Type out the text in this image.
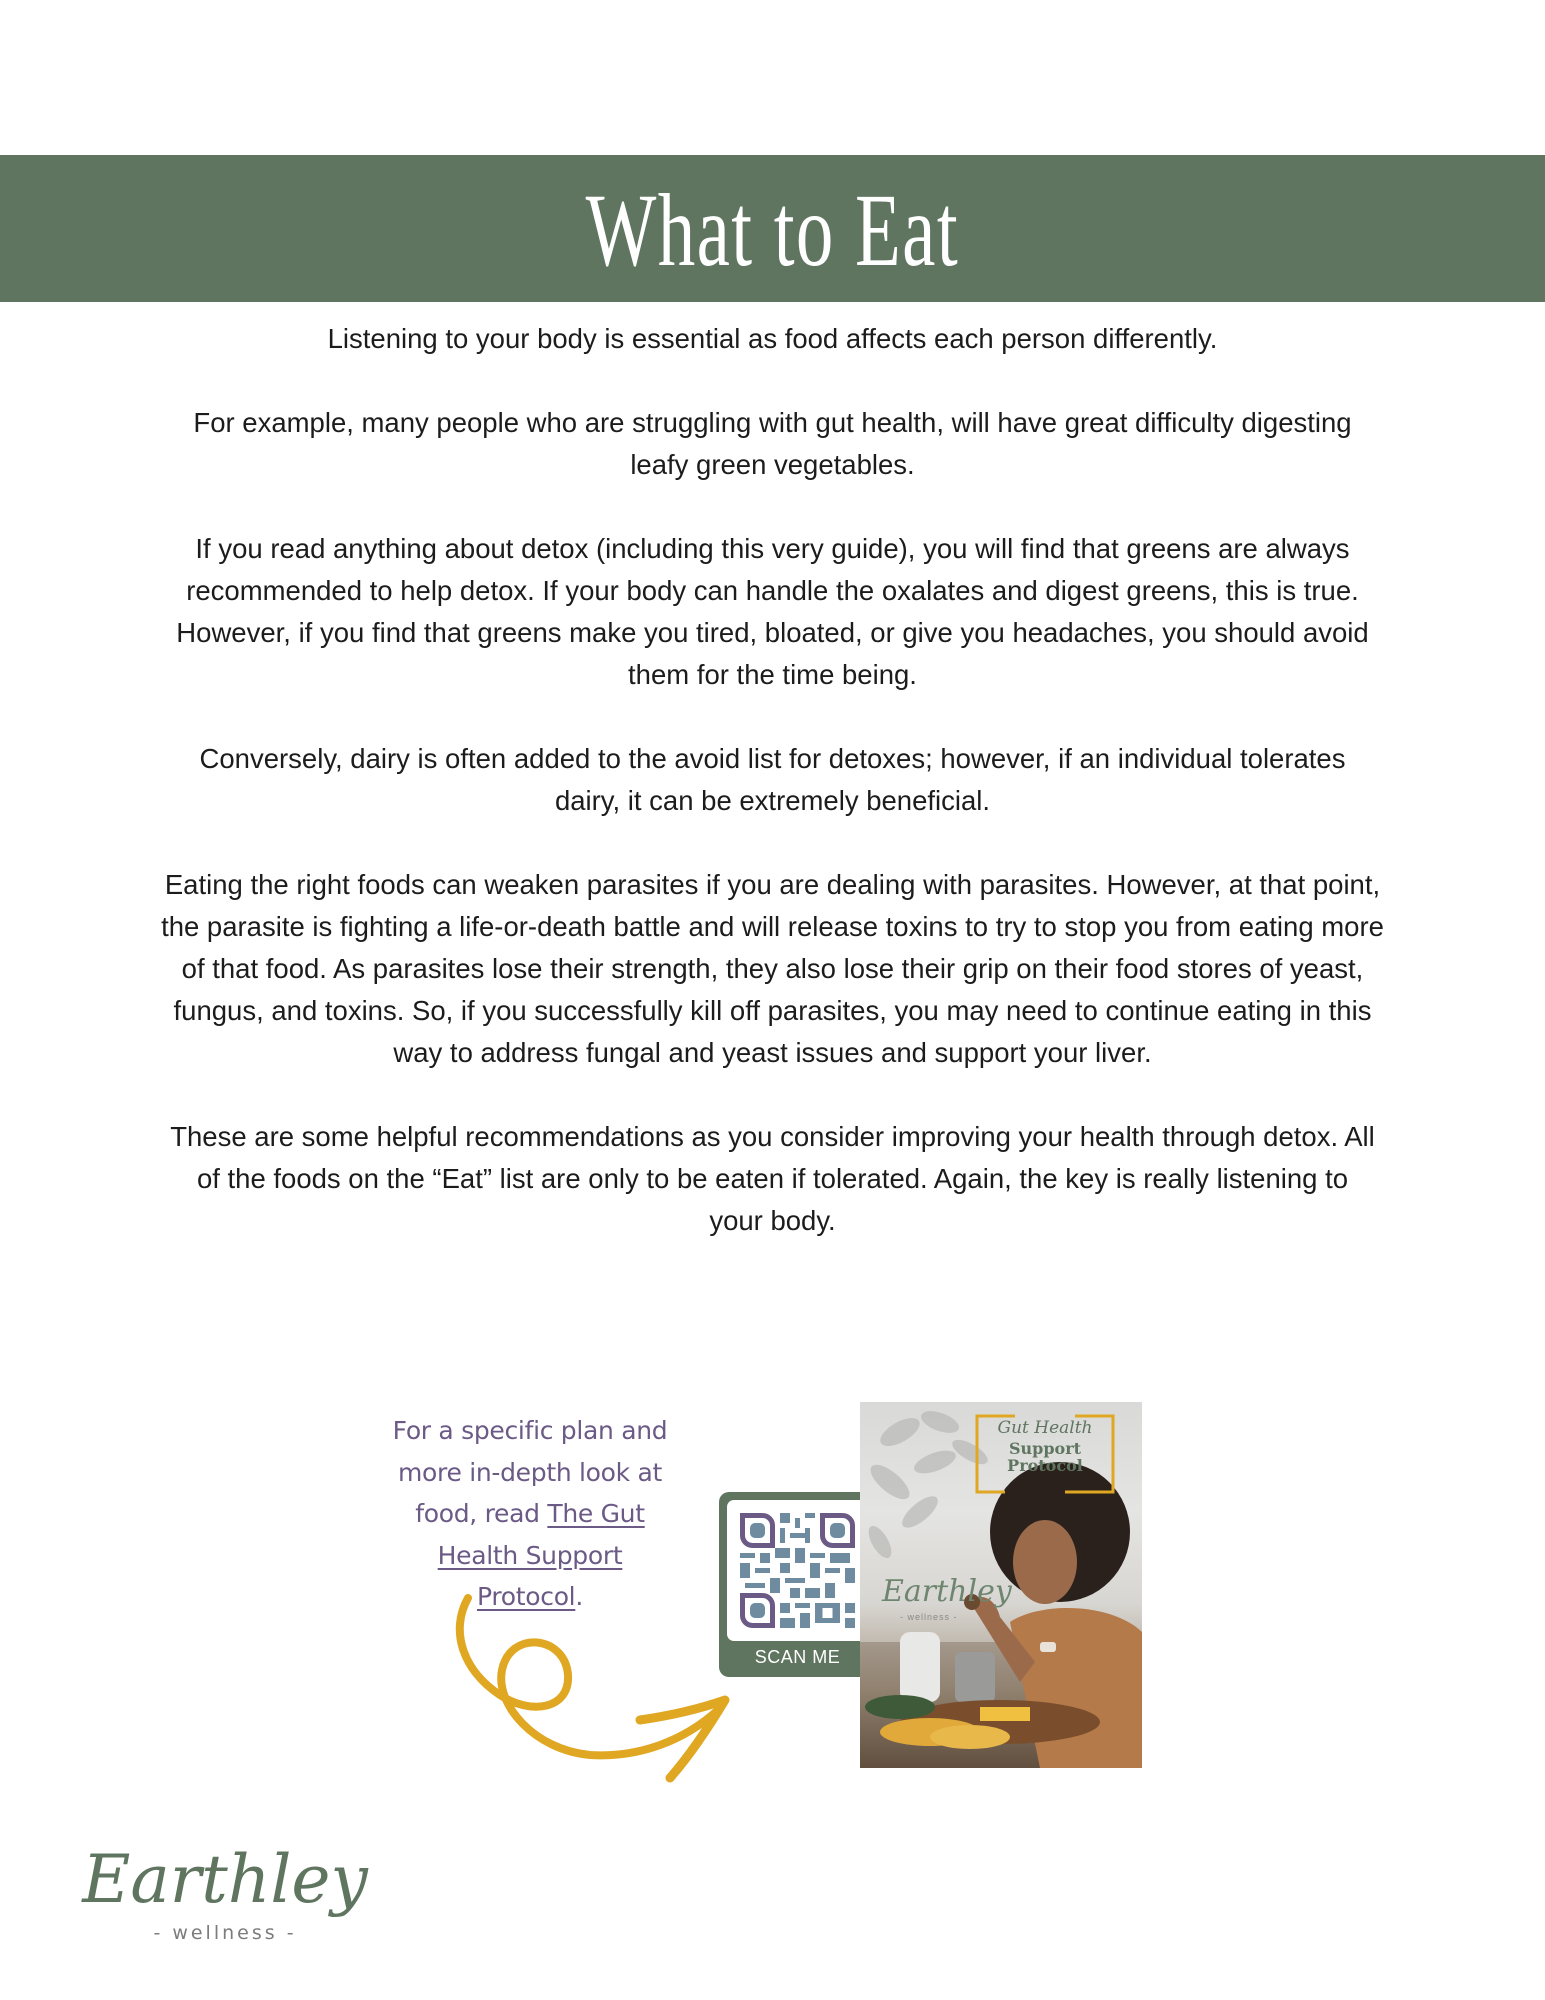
What to Eat

Listening to your body is essential as food affects each person differently.

For example, many people who are struggling with gut health, will have great difficulty digesting leafy green vegetables.

If you read anything about detox (including this very guide), you will find that greens are always recommended to help detox. If your body can handle the oxalates and digest greens, this is true. However, if you find that greens make you tired, bloated, or give you headaches, you should avoid them for the time being.

Conversely, dairy is often added to the avoid list for detoxes; however, if an individual tolerates dairy, it can be extremely beneficial.

Eating the right foods can weaken parasites if you are dealing with parasites. However, at that point, the parasite is fighting a life-or-death battle and will release toxins to try to stop you from eating more of that food. As parasites lose their strength, they also lose their grip on their food stores of yeast, fungus, and toxins. So, if you successfully kill off parasites, you may need to continue eating in this way to address fungal and yeast issues and support your liver.

These are some helpful recommendations as you consider improving your health through detox. All of the foods on the “Eat” list are only to be eaten if tolerated. Again, the key is really listening to your body.

For a specific plan and more in-depth look at food, read The Gut Health Support Protocol.
SCAN ME
Gut Health
Support
Protocol
Earthley
- wellness -
Earthley
- wellness -
